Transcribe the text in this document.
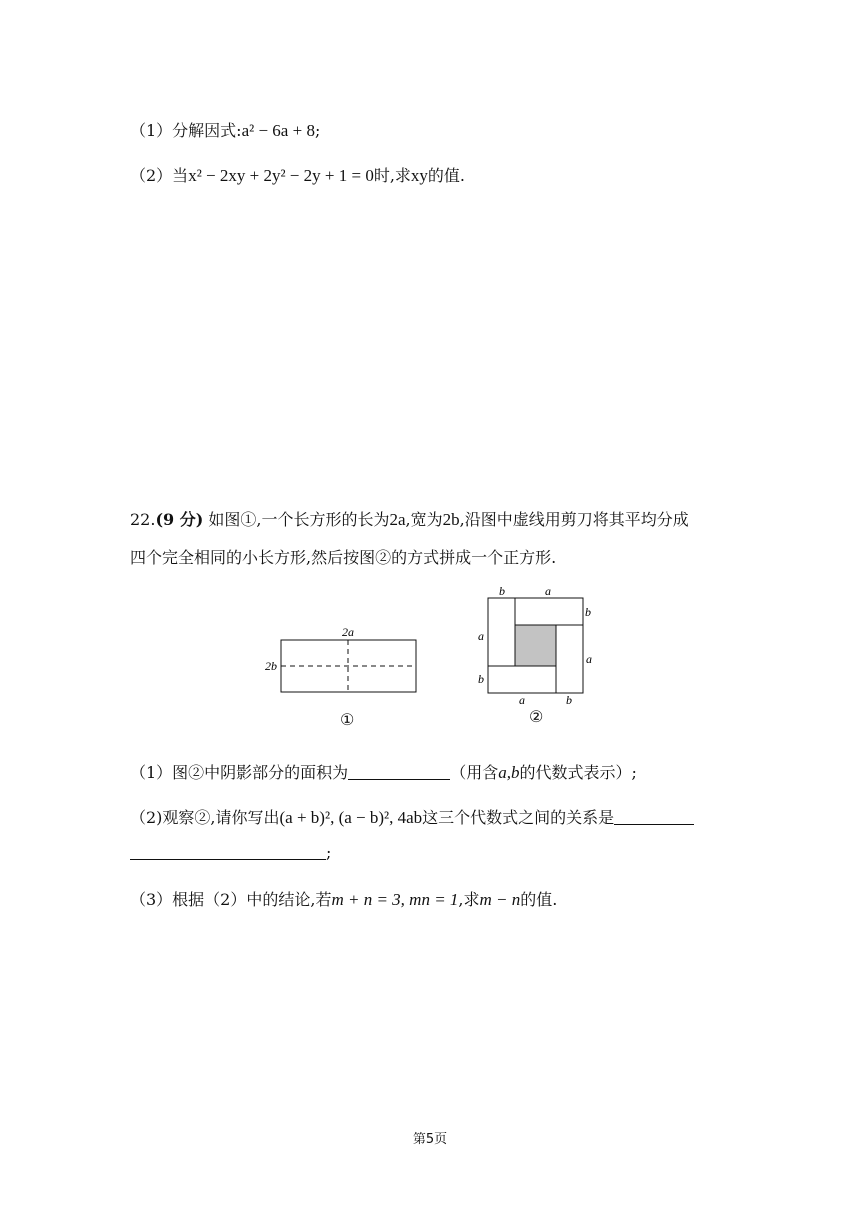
（1）分解因式:a² − 6a + 8;
（2）当x² − 2xy + 2y² − 2y + 1 = 0时,求xy的值.
22.(9 分) 如图①,一个长方形的长为2a,宽为2b,沿图中虚线用剪刀将其平均分成
四个完全相同的小长方形,然后按图②的方式拼成一个正方形.
2a
2b
①
b	a
b
a
a
b
a	b
②
（1）图②中阴影部分的面积为	（用含a,b的代数式表示）;
（2)观察②,请你写出(a + b)², (a − b)², 4ab这三个代数式之间的关系是
;
（3）根据（2）中的结论,若m + n = 3, mn = 1,求m − n的值.
第5页
